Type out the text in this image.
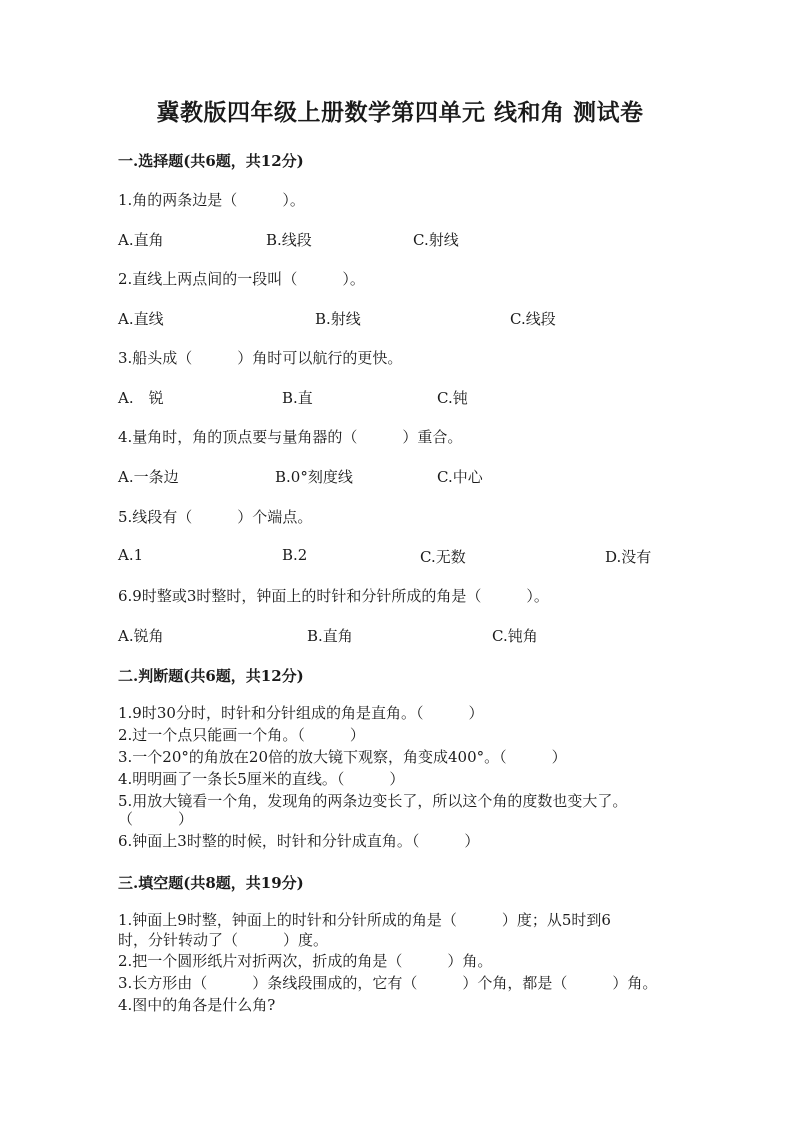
冀教版四年级上册数学第四单元 线和角 测试卷
一.选择题(共6题，共12分)
1.角的两条边是（　　　）。
A.直角	B.线段	C.射线
2.直线上两点间的一段叫（　　　）。
A.直线	B.射线	C.线段
3.船头成（　　　）角时可以航行的更快。
A.　锐	B.直	C.钝
4.量角时，角的顶点要与量角器的（　　　）重合。
A.一条边	B.0°刻度线	C.中心
5.线段有（　　　）个端点。
A.1	B.2	C.无数	D.没有
6.9时整或3时整时，钟面上的时针和分针所成的角是（　　　）。
A.锐角	B.直角	C.钝角
二.判断题(共6题，共12分)
1.9时30分时，时针和分针组成的角是直角。（　　　）
2.过一个点只能画一个角。（　　　）
3.一个20°的角放在20倍的放大镜下观察，角变成400°。（　　　）
4.明明画了一条长5厘米的直线。（　　　）
5.用放大镜看一个角，发现角的两条边变长了，所以这个角的度数也变大了。
（　　　）
6.钟面上3时整的时候，时针和分针成直角。（　　　）
三.填空题(共8题，共19分)
1.钟面上9时整，钟面上的时针和分针所成的角是（　　　）度；从5时到6
时，分针转动了（　　　）度。
2.把一个圆形纸片对折两次，折成的角是（　　　）角。
3.长方形由（　　　）条线段围成的，它有（　　　）个角，都是（　　　）角。
4.图中的角各是什么角?
